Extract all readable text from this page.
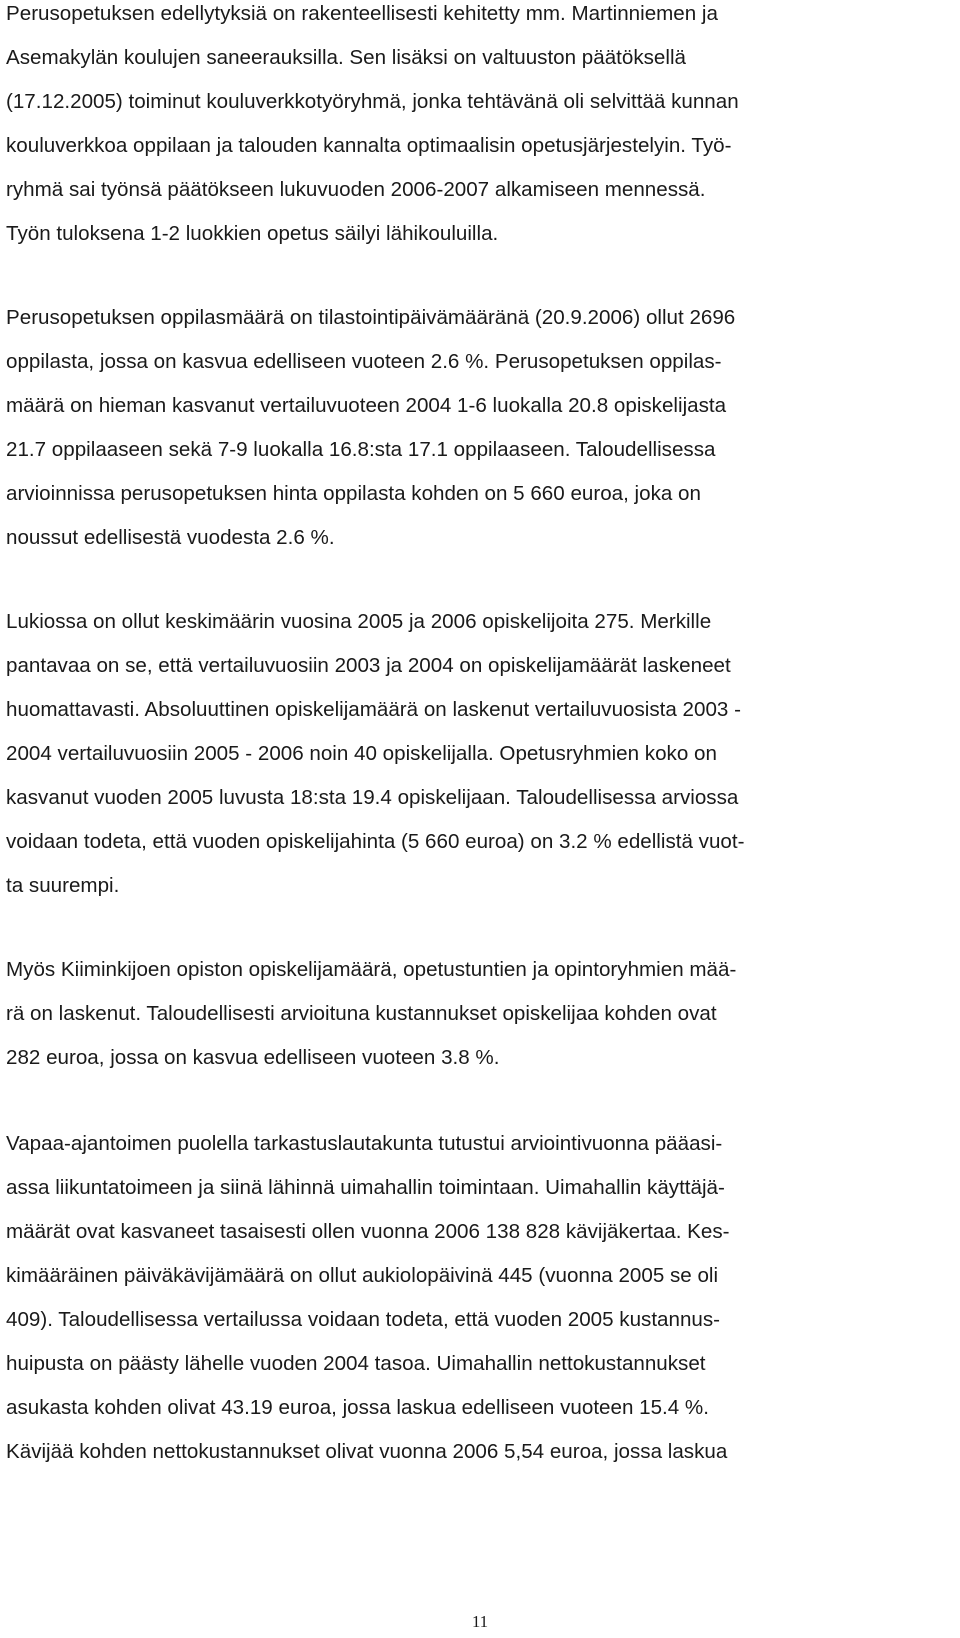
Perusopetuksen edellytyksiä on rakenteellisesti kehitetty mm. Martinniemen ja
Asemakylän koulujen saneerauksilla. Sen lisäksi on valtuuston päätöksellä
(17.12.2005) toiminut kouluverkkotyöryhmä, jonka tehtävänä oli selvittää kunnan
kouluverkkoa oppilaan ja talouden kannalta optimaalisin opetusjärjestelyin. Työ-
ryhmä sai työnsä päätökseen lukuvuoden 2006-2007 alkamiseen mennessä.
Työn tuloksena 1-2 luokkien opetus säilyi lähikouluilla.
Perusopetuksen oppilasmäärä on tilastointipäivämääränä (20.9.2006) ollut 2696
oppilasta, jossa on kasvua edelliseen vuoteen 2.6 %. Perusopetuksen oppilas-
määrä on hieman kasvanut vertailuvuoteen 2004 1-6 luokalla 20.8 opiskelijasta
21.7 oppilaaseen sekä 7-9 luokalla 16.8:sta 17.1 oppilaaseen. Taloudellisessa
arvioinnissa perusopetuksen hinta oppilasta kohden on 5 660 euroa, joka on
noussut edellisestä vuodesta 2.6 %.
Lukiossa on ollut keskimäärin vuosina 2005 ja 2006 opiskelijoita 275. Merkille
pantavaa on se, että vertailuvuosiin 2003 ja 2004 on opiskelijamäärät laskeneet
huomattavasti. Absoluuttinen opiskelijamäärä on laskenut vertailuvuosista 2003 -
2004 vertailuvuosiin 2005 - 2006 noin 40 opiskelijalla. Opetusryhmien koko on
kasvanut vuoden 2005 luvusta 18:sta 19.4 opiskelijaan. Taloudellisessa arviossa
voidaan todeta, että vuoden opiskelijahinta (5 660 euroa) on 3.2 % edellistä vuot-
ta suurempi.
Myös Kiiminkijoen opiston opiskelijamäärä, opetustuntien ja opintoryhmien mää-
rä on laskenut. Taloudellisesti arvioituna kustannukset opiskelijaa kohden ovat
282 euroa, jossa on kasvua edelliseen vuoteen 3.8 %.
Vapaa-ajantoimen puolella tarkastuslautakunta tutustui arviointivuonna pääasi-
assa liikuntatoimeen ja siinä lähinnä uimahallin toimintaan. Uimahallin käyttäjä-
määrät ovat kasvaneet tasaisesti ollen vuonna 2006 138 828 kävijäkertaa. Kes-
kimääräinen päiväkävijämäärä on ollut aukiolopäivinä 445 (vuonna 2005 se oli
409). Taloudellisessa vertailussa voidaan todeta, että vuoden 2005 kustannus-
huipusta on päästy lähelle vuoden 2004 tasoa. Uimahallin nettokustannukset
asukasta kohden olivat 43.19 euroa, jossa laskua edelliseen vuoteen 15.4 %.
Kävijää kohden nettokustannukset olivat vuonna 2006 5,54 euroa, jossa laskua
11
